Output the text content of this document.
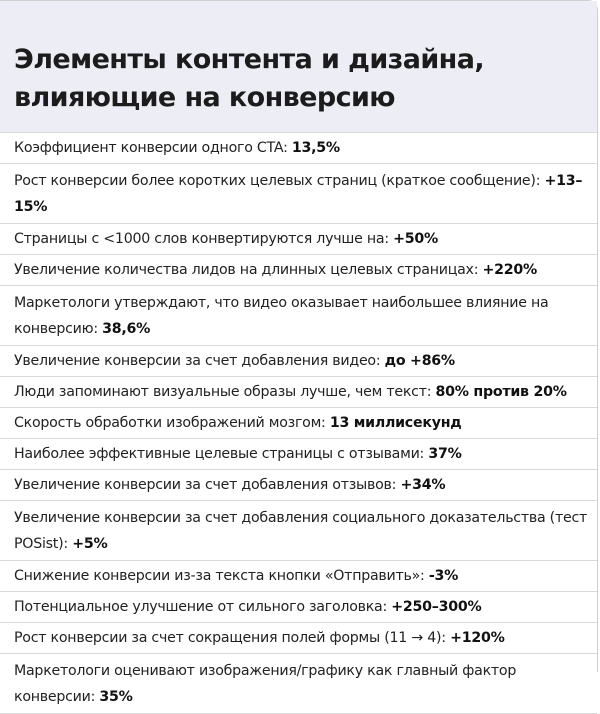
Элементы контента и дизайна, влияющие на конверсию
Коэффициент конверсии одного CTA: 13,5%
Рост конверсии более коротких целевых страниц (краткое сообщение): +13–15%
Страницы с <1000 слов конвертируются лучше на: +50%
Увеличение количества лидов на длинных целевых страницах: +220%
Маркетологи утверждают, что видео оказывает наибольшее влияние на конверсию: 38,6%
Увеличение конверсии за счет добавления видео: до +86%
Люди запоминают визуальные образы лучше, чем текст: 80% против 20%
Скорость обработки изображений мозгом: 13 миллисекунд
Наиболее эффективные целевые страницы с отзывами: 37%
Увеличение конверсии за счет добавления отзывов: +34%
Увеличение конверсии за счет добавления социального доказательства (тест POSist): +5%
Снижение конверсии из-за текста кнопки «Отправить»: -3%
Потенциальное улучшение от сильного заголовка: +250–300%
Рост конверсии за счет сокращения полей формы (11 → 4): +120%
Маркетологи оценивают изображения/графику как главный фактор конверсии: 35%
